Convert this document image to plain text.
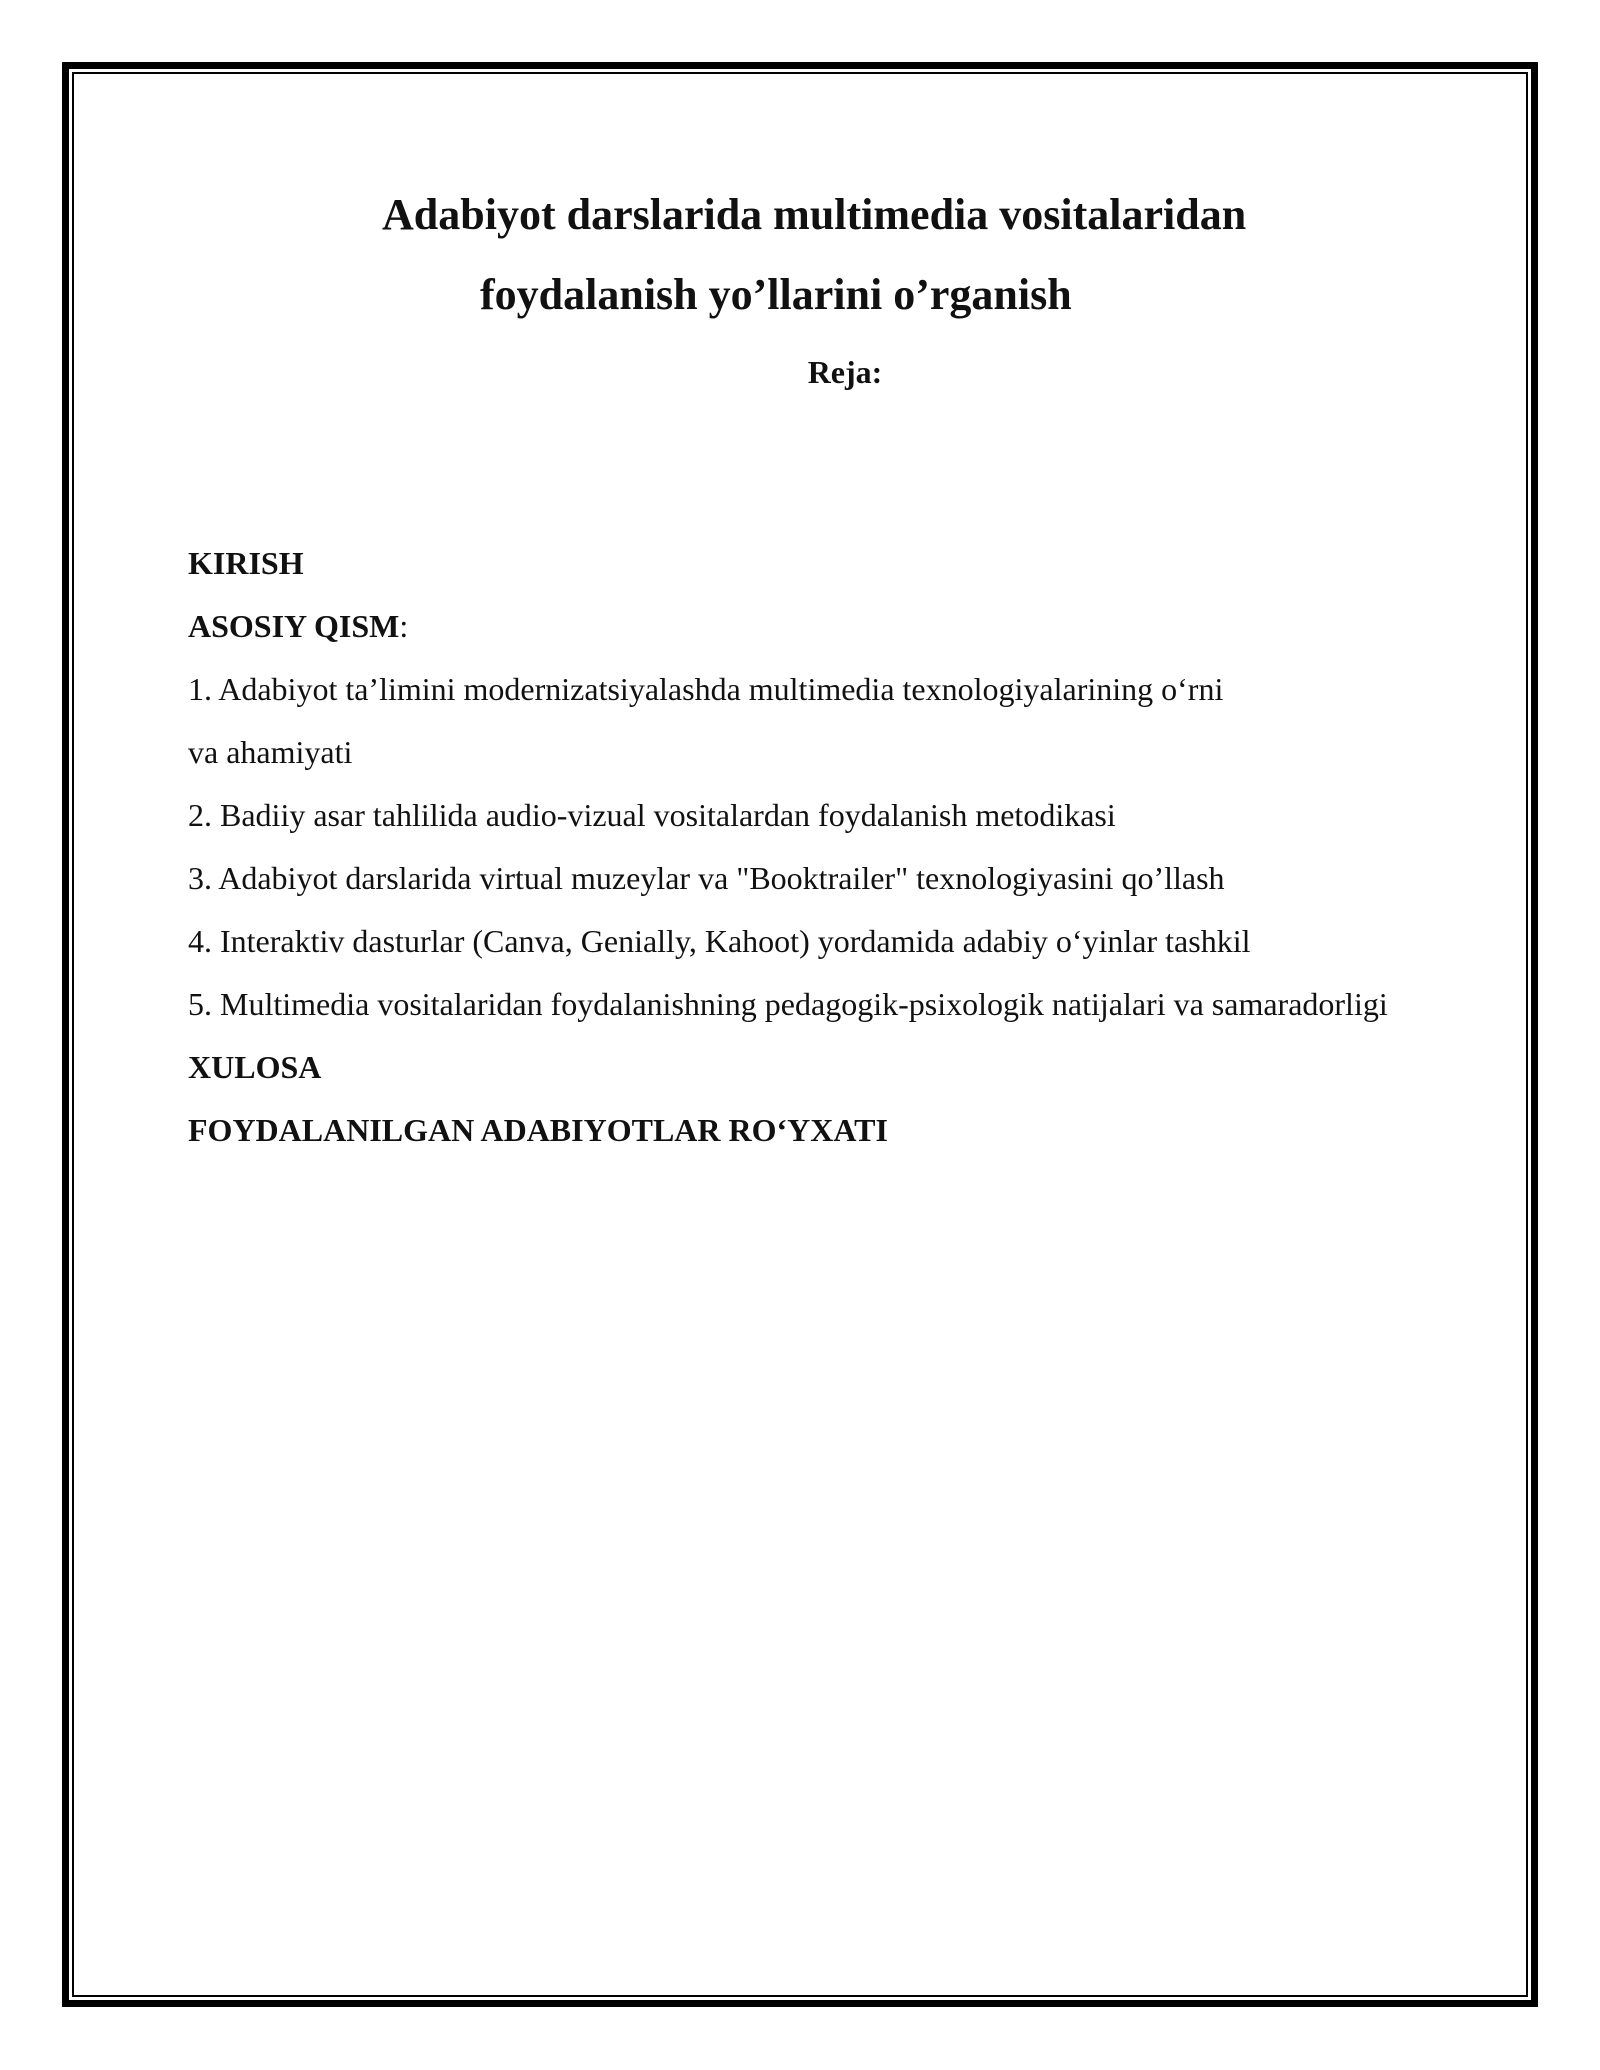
Adabiyot darslarida multimedia vositalaridan
foydalanish yo’llarini o’rganish
Reja:

KIRISH

ASOSIY QISM:

1. Adabiyot ta’limini modernizatsiyalashda multimedia texnologiyalarining o‘rni

va ahamiyati

2. Badiiy asar tahlilida audio-vizual vositalardan foydalanish metodikasi

3. Adabiyot darslarida virtual muzeylar va "Booktrailer" texnologiyasini qo’llash

4. Interaktiv dasturlar (Canva, Genially, Kahoot) yordamida adabiy o‘yinlar tashkil

5. Multimedia vositalaridan foydalanishning pedagogik-psixologik natijalari va samaradorligi

XULOSA

FOYDALANILGAN ADABIYOTLAR RO‘YXATI
